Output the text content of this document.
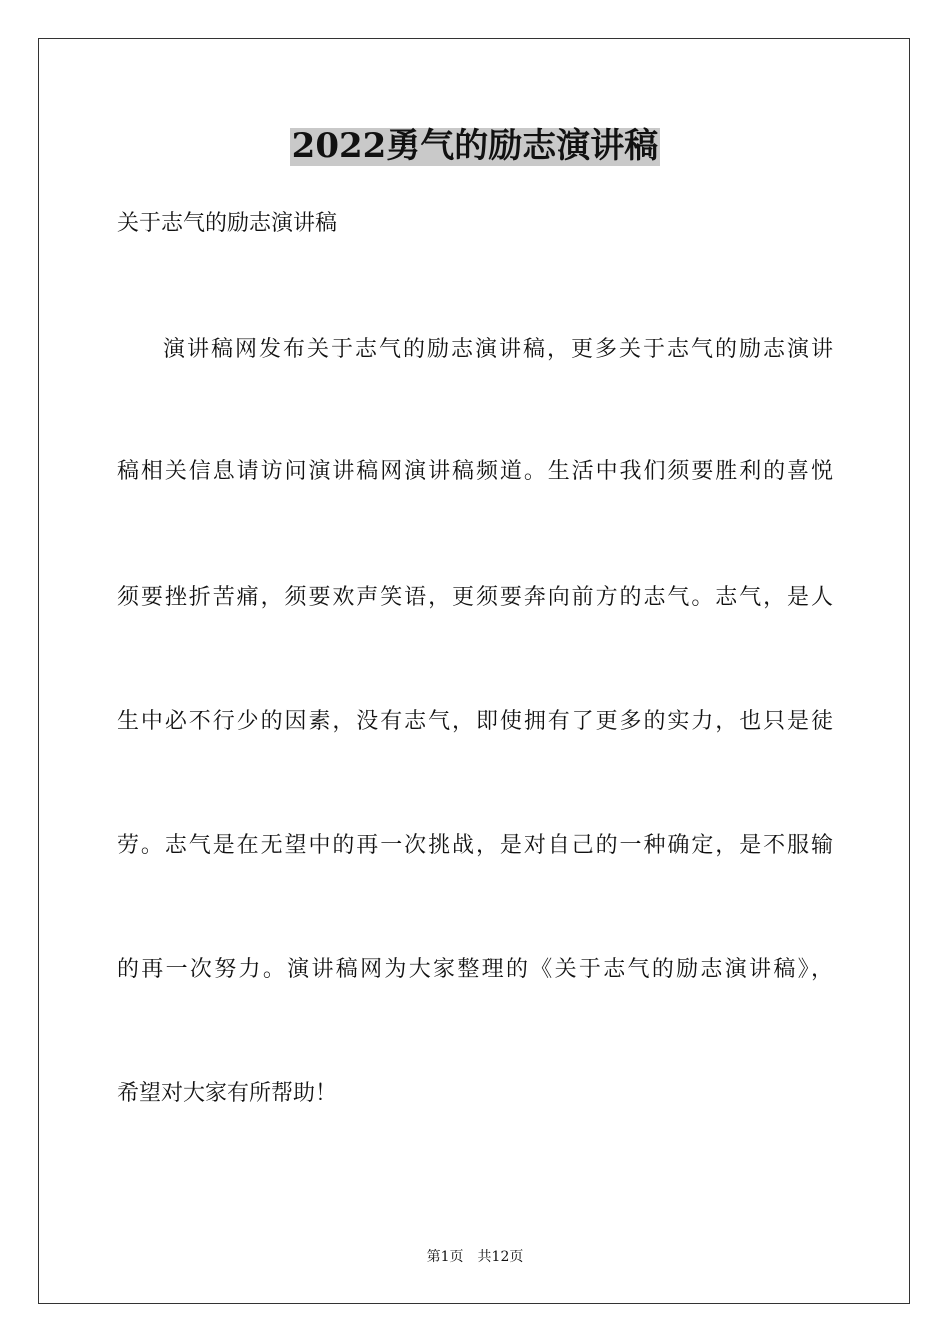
2022勇气的励志演讲稿
关于志气的励志演讲稿
演讲稿网发布关于志气的励志演讲稿，更多关于志气的励志演讲
稿相关信息请访问演讲稿网演讲稿频道。生活中我们须要胜利的喜悦
须要挫折苦痛，须要欢声笑语，更须要奔向前方的志气。志气，是人
生中必不行少的因素，没有志气，即使拥有了更多的实力，也只是徒
劳。志气是在无望中的再一次挑战，是对自己的一种确定，是不服输
的再一次努力。演讲稿网为大家整理的《关于志气的励志演讲稿》，
希望对大家有所帮助！
第1页 共12页
